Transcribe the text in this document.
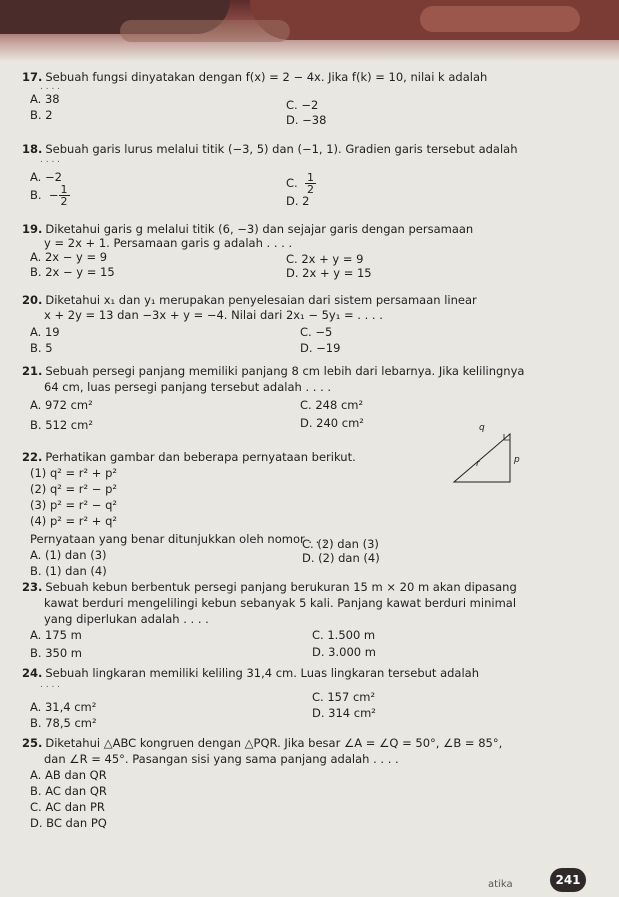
17. Sebuah fungsi dinyatakan dengan f(x) = 2 − 4x. Jika f(k) = 10, nilai k adalah
. . . .
A. 38
B. 2
C. −2
D. −38
18. Sebuah garis lurus melalui titik (−3, 5) dan (−1, 1). Gradien garis tersebut adalah
. . . .
A. −2
B. − $\frac{1}{2}$
C. $\frac{1}{2}$
D. 2
19. Diketahui garis g melalui titik (6, −3) dan sejajar garis dengan persamaan
y = 2x + 1. Persamaan garis g adalah . . . .
A. 2x − y = 9
B. 2x − y = 15
C. 2x + y = 9
D. 2x + y = 15
20. Diketahui x₁ dan y₁ merupakan penyelesaian dari sistem persamaan linear
x + 2y = 13 dan −3x + y = −4. Nilai dari 2x₁ − 5y₁ = . . . .
A. 19
B. 5
C. −5
D. −19
21. Sebuah persegi panjang memiliki panjang 8 cm lebih dari lebarnya. Jika kelilingnya
64 cm, luas persegi panjang tersebut adalah . . . .
A. 972 cm²
B. 512 cm²
C. 248 cm²
D. 240 cm²
22. Perhatikan gambar dan beberapa pernyataan berikut.
(1) q² = r² + p²
(2) q² = r² − p²
(3) p² = r² − q²
(4) p² = r² + q²
Pernyataan yang benar ditunjukkan oleh nomor . . . .
A. (1) dan (3)
B. (1) dan (4)
C. (2) dan (3)
D. (2) dan (4)
q
p
r
23. Sebuah kebun berbentuk persegi panjang berukuran 15 m × 20 m akan dipasang
kawat berduri mengelilingi kebun sebanyak 5 kali. Panjang kawat berduri minimal
yang diperlukan adalah . . . .
A. 175 m
B. 350 m
C. 1.500 m
D. 3.000 m
24. Sebuah lingkaran memiliki keliling 31,4 cm. Luas lingkaran tersebut adalah
. . . .
A. 31,4 cm²
B. 78,5 cm²
C. 157 cm²
D. 314 cm²
25. Diketahui △ABC kongruen dengan △PQR. Jika besar ∠A = ∠Q = 50°, ∠B = 85°,
dan ∠R = 45°. Pasangan sisi yang sama panjang adalah . . . .
A. AB dan QR
B. AC dan QR
C. AC dan PR
D. BC dan PQ
atika	241
